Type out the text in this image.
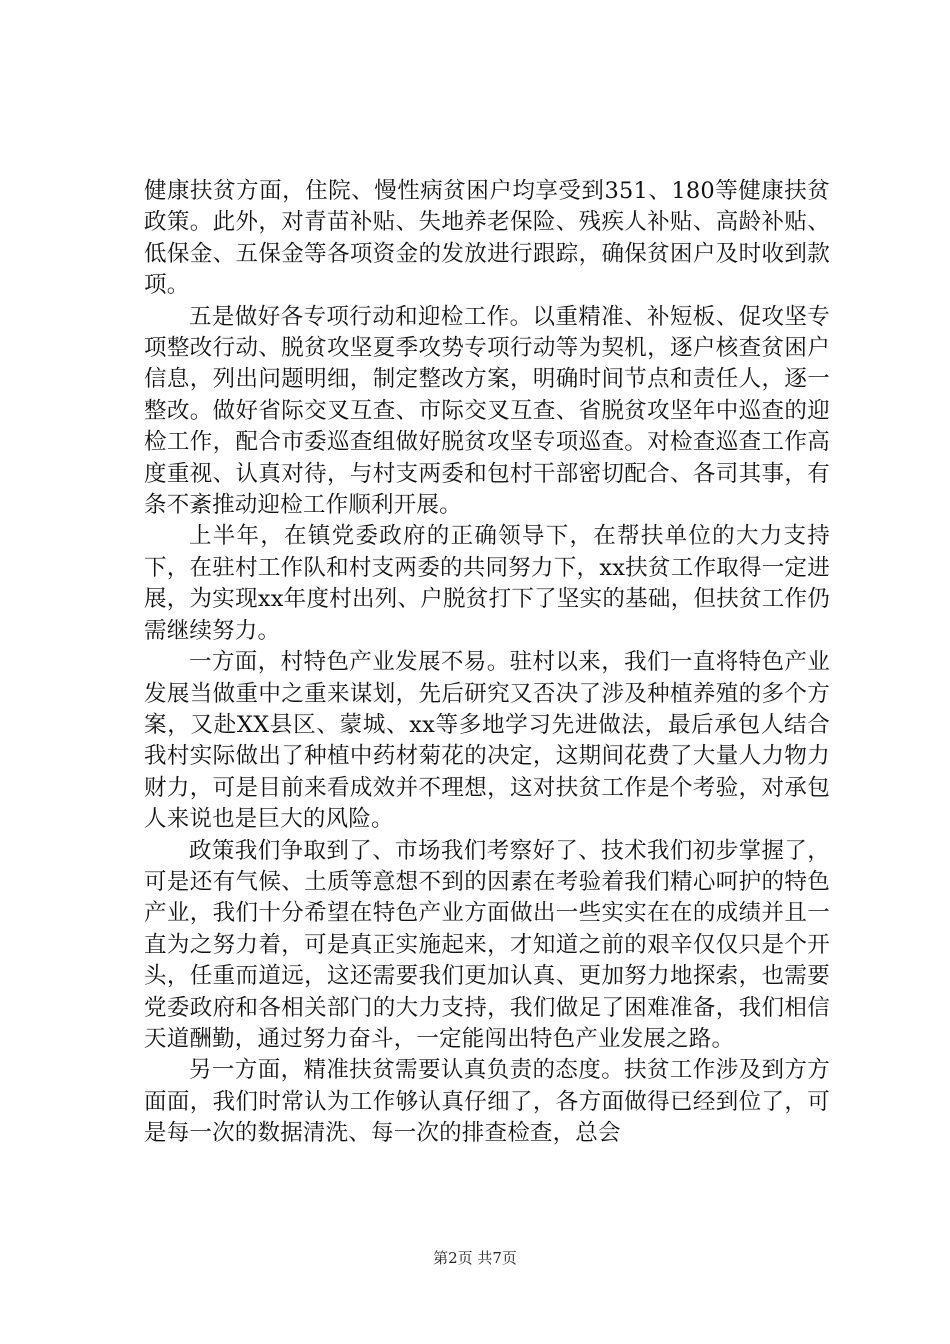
健康扶贫方面，住院、慢性病贫困户均享受到351、180等健康扶贫政策。此外，对青苗补贴、失地养老保险、残疾人补贴、高龄补贴、低保金、五保金等各项资金的发放进行跟踪，确保贫困户及时收到款项。

五是做好各专项行动和迎检工作。以重精准、补短板、促攻坚专项整改行动、脱贫攻坚夏季攻势专项行动等为契机，逐户核查贫困户信息，列出问题明细，制定整改方案，明确时间节点和责任人，逐一整改。做好省际交叉互查、市际交叉互查、省脱贫攻坚年中巡查的迎检工作，配合市委巡查组做好脱贫攻坚专项巡查。对检查巡查工作高度重视、认真对待，与村支两委和包村干部密切配合、各司其事，有条不紊推动迎检工作顺利开展。

上半年，在镇党委政府的正确领导下，在帮扶单位的大力支持下，在驻村工作队和村支两委的共同努力下，xx扶贫工作取得一定进展，为实现xx年度村出列、户脱贫打下了坚实的基础，但扶贫工作仍需继续努力。

一方面，村特色产业发展不易。驻村以来，我们一直将特色产业发展当做重中之重来谋划，先后研究又否决了涉及种植养殖的多个方案，又赴XX县区、蒙城、xx等多地学习先进做法，最后承包人结合我村实际做出了种植中药材菊花的决定，这期间花费了大量人力物力财力，可是目前来看成效并不理想，这对扶贫工作是个考验，对承包人来说也是巨大的风险。

政策我们争取到了、市场我们考察好了、技术我们初步掌握了，可是还有气候、土质等意想不到的因素在考验着我们精心呵护的特色产业，我们十分希望在特色产业方面做出一些实实在在的成绩并且一直为之努力着，可是真正实施起来，才知道之前的艰辛仅仅只是个开头，任重而道远，这还需要我们更加认真、更加努力地探索，也需要党委政府和各相关部门的大力支持，我们做足了困难准备，我们相信天道酬勤，通过努力奋斗，一定能闯出特色产业发展之路。

另一方面，精准扶贫需要认真负责的态度。扶贫工作涉及到方方面面，我们时常认为工作够认真仔细了，各方面做得已经到位了，可是每一次的数据清洗、每一次的排查检查，总会

第2页 共7页
